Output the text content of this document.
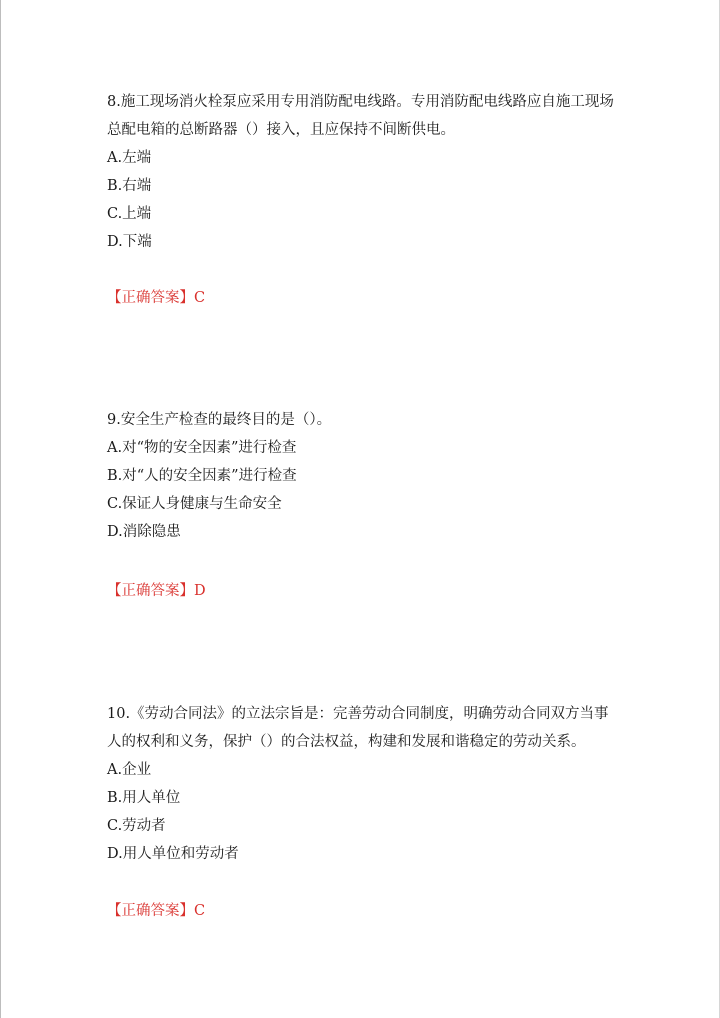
8.施工现场消火栓泵应采用专用消防配电线路。专用消防配电线路应自施工现场

总配电箱的总断路器（）接入，且应保持不间断供电。

A.左端

B.右端

C.上端

D.下端

【正确答案】C

9.安全生产检查的最终目的是（）。

A.对“物的安全因素”进行检查

B.对“人的安全因素”进行检查

C.保证人身健康与生命安全

D.消除隐患

【正确答案】D

10.《劳动合同法》的立法宗旨是：完善劳动合同制度，明确劳动合同双方当事

人的权利和义务，保护（）的合法权益，构建和发展和谐稳定的劳动关系。

A.企业

B.用人单位

C.劳动者

D.用人单位和劳动者

【正确答案】C
